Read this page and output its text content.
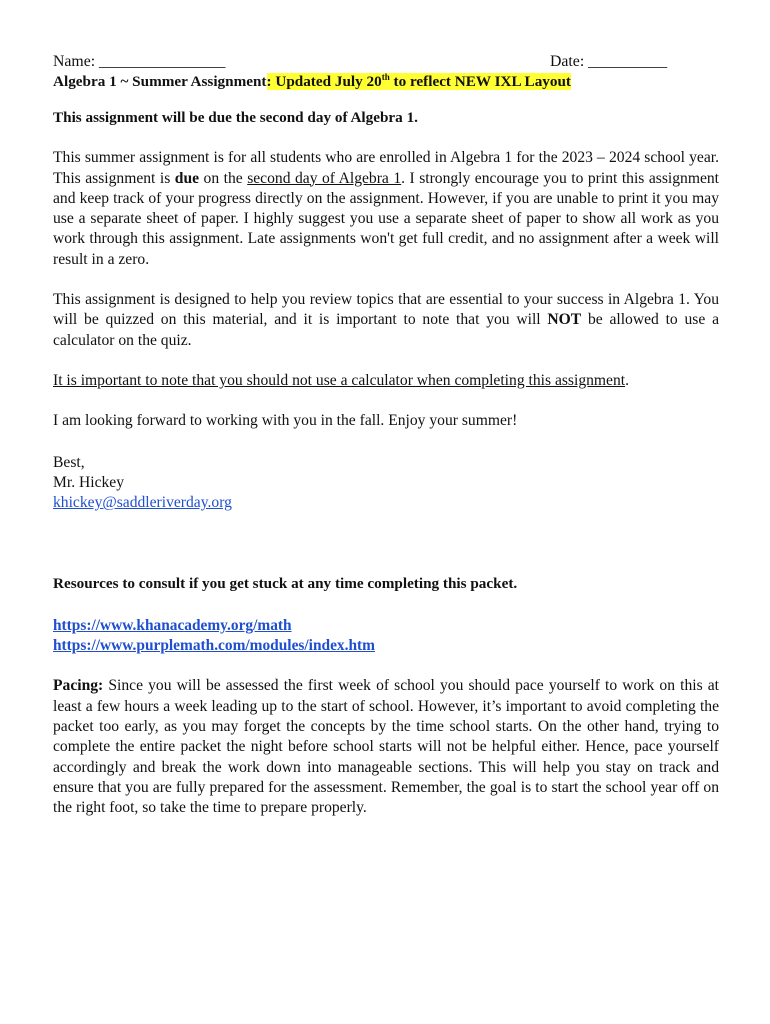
Name: ________________	Date: __________

Algebra 1 ~ Summer Assignment: Updated July 20th to reflect NEW IXL Layout

This assignment will be due the second day of Algebra 1.

This summer assignment is for all students who are enrolled in Algebra 1 for the 2023 – 2024 school year. This assignment is due on the second day of Algebra 1. I strongly encourage you to print this assignment and keep track of your progress directly on the assignment. However, if you are unable to print it you may use a separate sheet of paper. I highly suggest you use a separate sheet of paper to show all work as you work through this assignment. Late assignments won't get full credit, and no assignment after a week will result in a zero.

This assignment is designed to help you review topics that are essential to your success in Algebra 1. You will be quizzed on this material, and it is important to note that you will NOT be allowed to use a calculator on the quiz.

It is important to note that you should not use a calculator when completing this assignment.

I am looking forward to working with you in the fall. Enjoy your summer!

Best,

Mr. Hickey

khickey@saddleriverday.org

Resources to consult if you get stuck at any time completing this packet.

https://www.khanacademy.org/math
https://www.purplemath.com/modules/index.htm

Pacing: Since you will be assessed the first week of school you should pace yourself to work on this at least a few hours a week leading up to the start of school. However, it’s important to avoid completing the packet too early, as you may forget the concepts by the time school starts. On the other hand, trying to complete the entire packet the night before school starts will not be helpful either. Hence, pace yourself accordingly and break the work down into manageable sections. This will help you stay on track and ensure that you are fully prepared for the assessment. Remember, the goal is to start the school year off on the right foot, so take the time to prepare properly.
